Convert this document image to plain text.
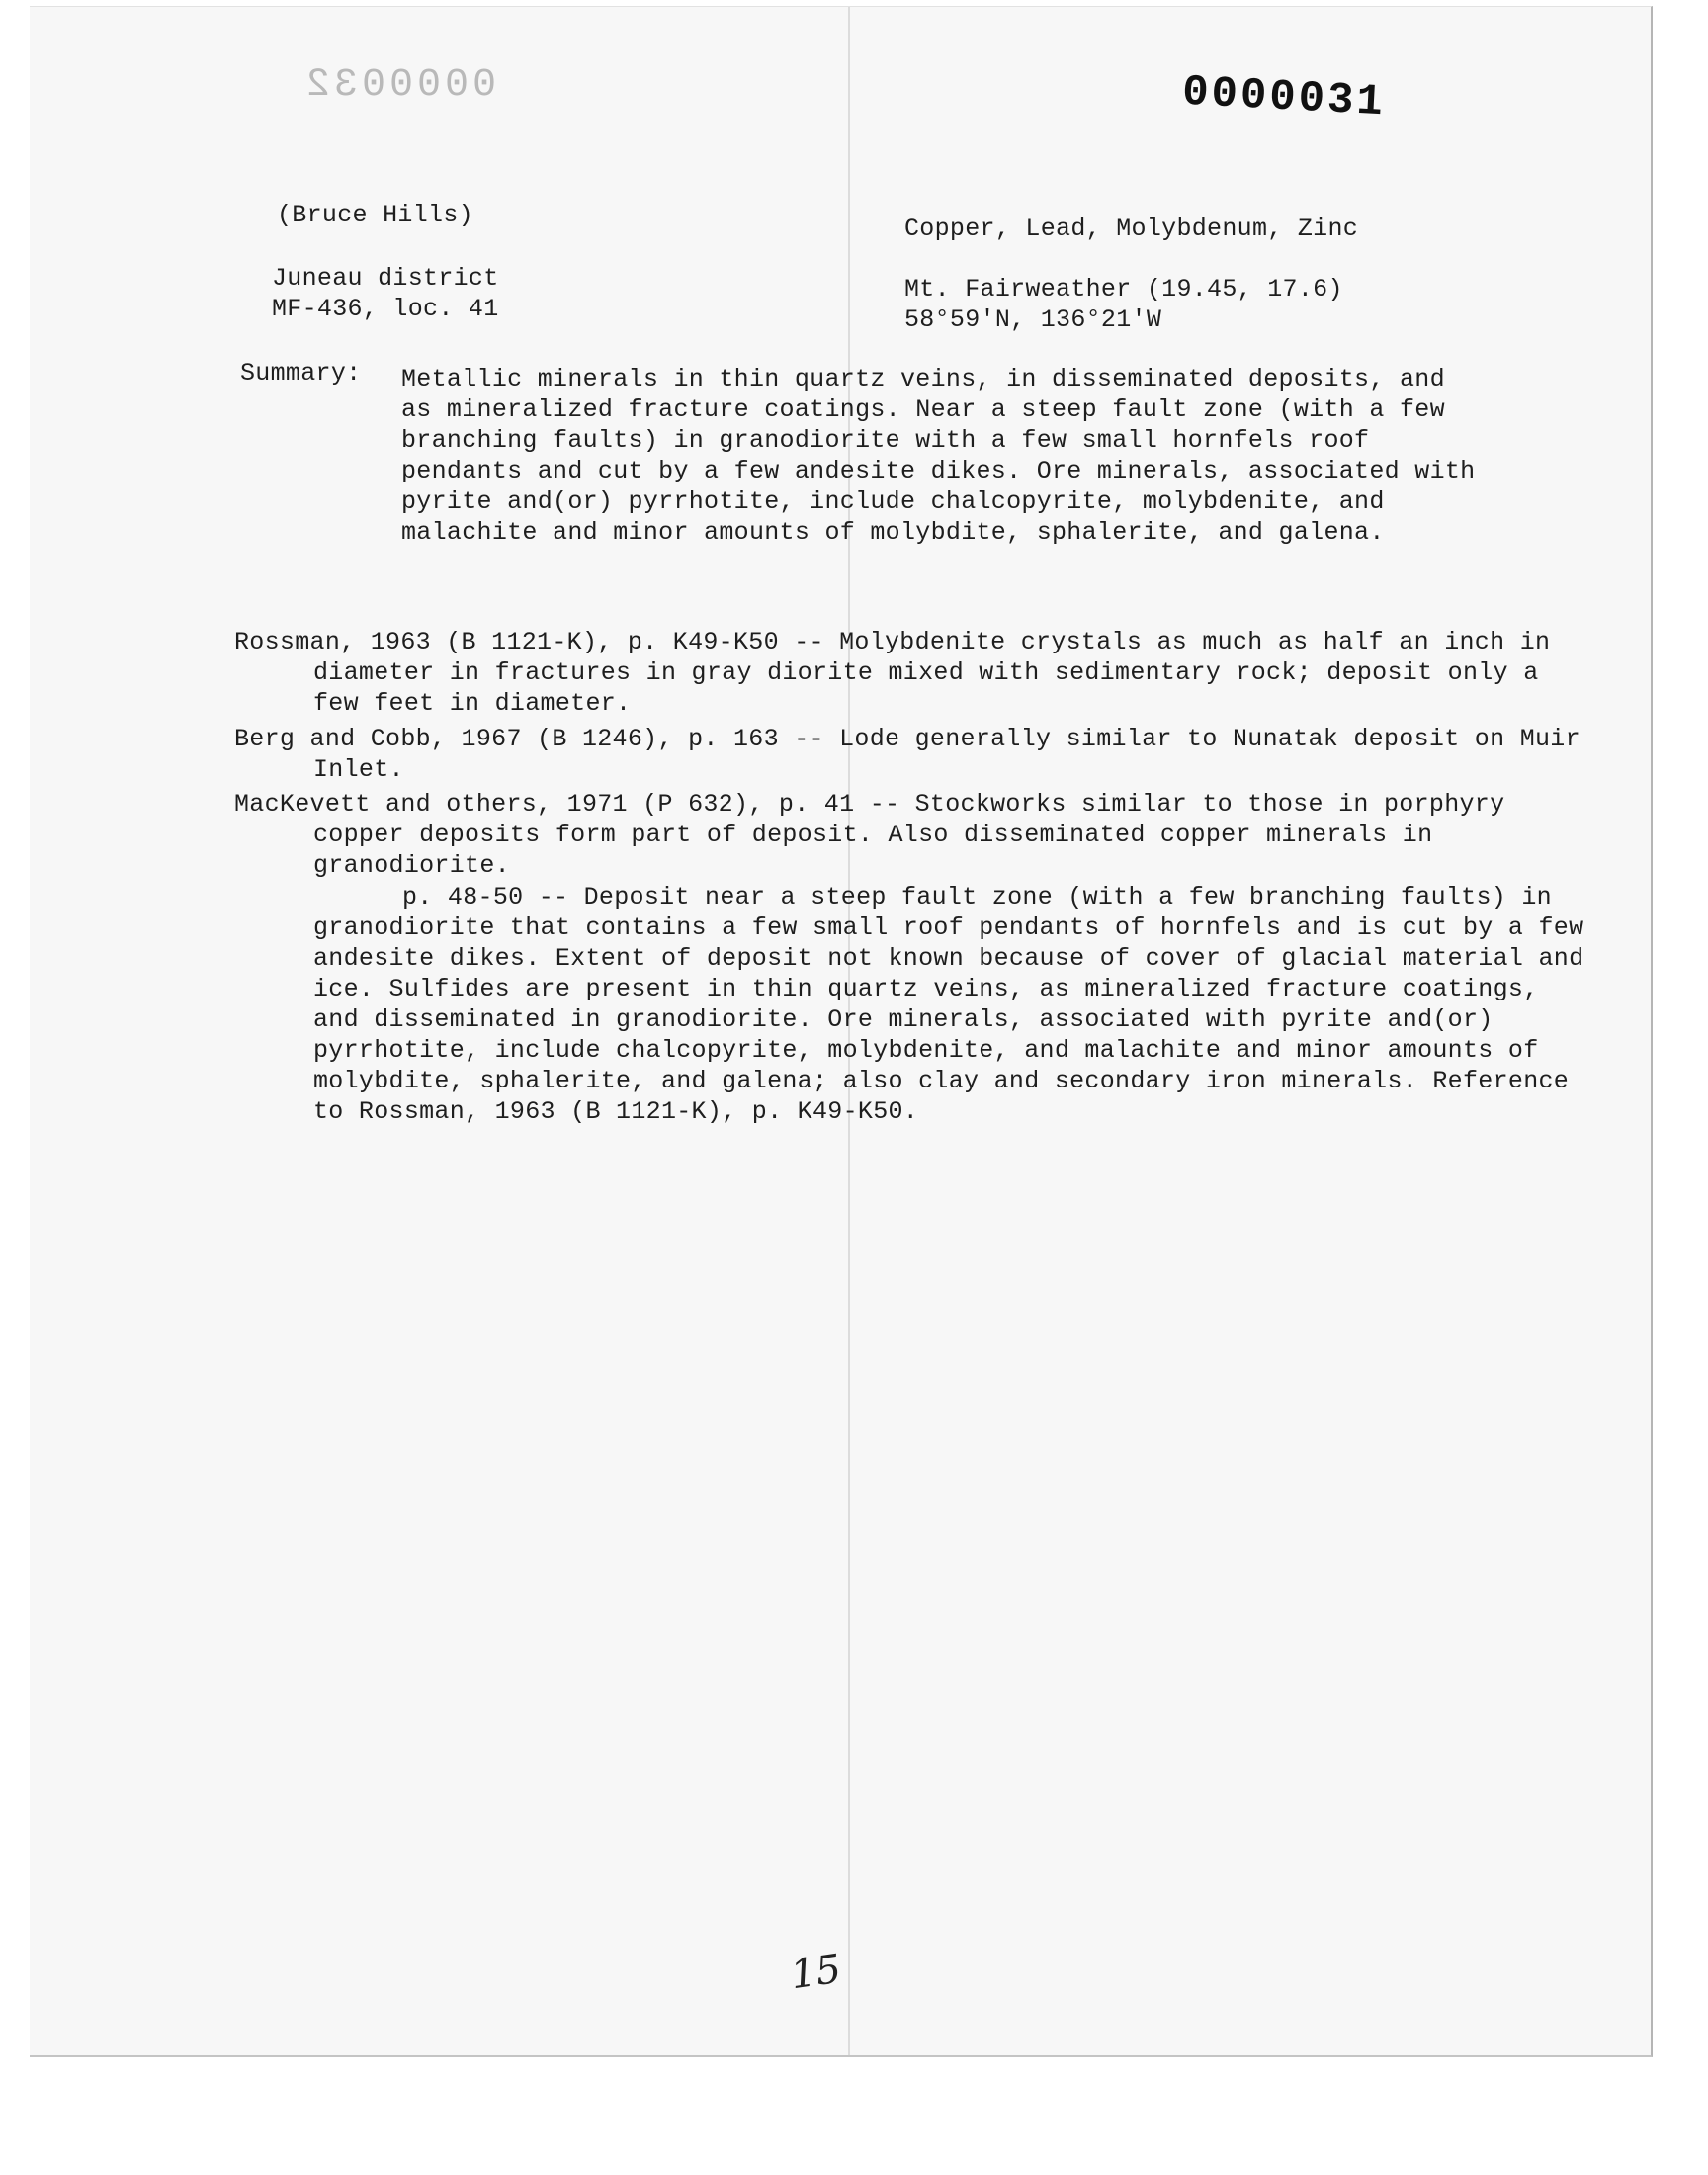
0000032	0000031
(Bruce Hills)
Juneau district
MF-436, loc. 41
Copper, Lead, Molybdenum, Zinc
Mt. Fairweather (19.45, 17.6)
58°59'N, 136°21'W
Summary: Metallic minerals in thin quartz veins, in disseminated deposits, and as mineralized fracture coatings. Near a steep fault zone (with a few branching faults) in granodiorite with a few small hornfels roof pendants and cut by a few andesite dikes. Ore minerals, associated with pyrite and(or) pyrrhotite, include chalcopyrite, molybdenite, and malachite and minor amounts of molybdite, sphalerite, and galena.

Rossman, 1963 (B 1121-K), p. K49-K50 -- Molybdenite crystals as much as half an inch in diameter in fractures in gray diorite mixed with sedimentary rock; deposit only a few feet in diameter.

Berg and Cobb, 1967 (B 1246), p. 163 -- Lode generally similar to Nunatak deposit on Muir Inlet.

MacKevett and others, 1971 (P 632), p. 41 -- Stockworks similar to those in porphyry copper deposits form part of deposit. Also disseminated copper minerals in granodiorite.

p. 48-50 -- Deposit near a steep fault zone (with a few branching faults) in granodiorite that contains a few small roof pendants of hornfels and is cut by a few andesite dikes. Extent of deposit not known because of cover of glacial material and ice. Sulfides are present in thin quartz veins, as mineralized fracture coatings, and disseminated in granodiorite. Ore minerals, associated with pyrite and(or) pyrrhotite, include chalcopyrite, molybdenite, and malachite and minor amounts of molybdite, sphalerite, and galena; also clay and secondary iron minerals. Reference to Rossman, 1963 (B 1121-K), p. K49-K50.

15
